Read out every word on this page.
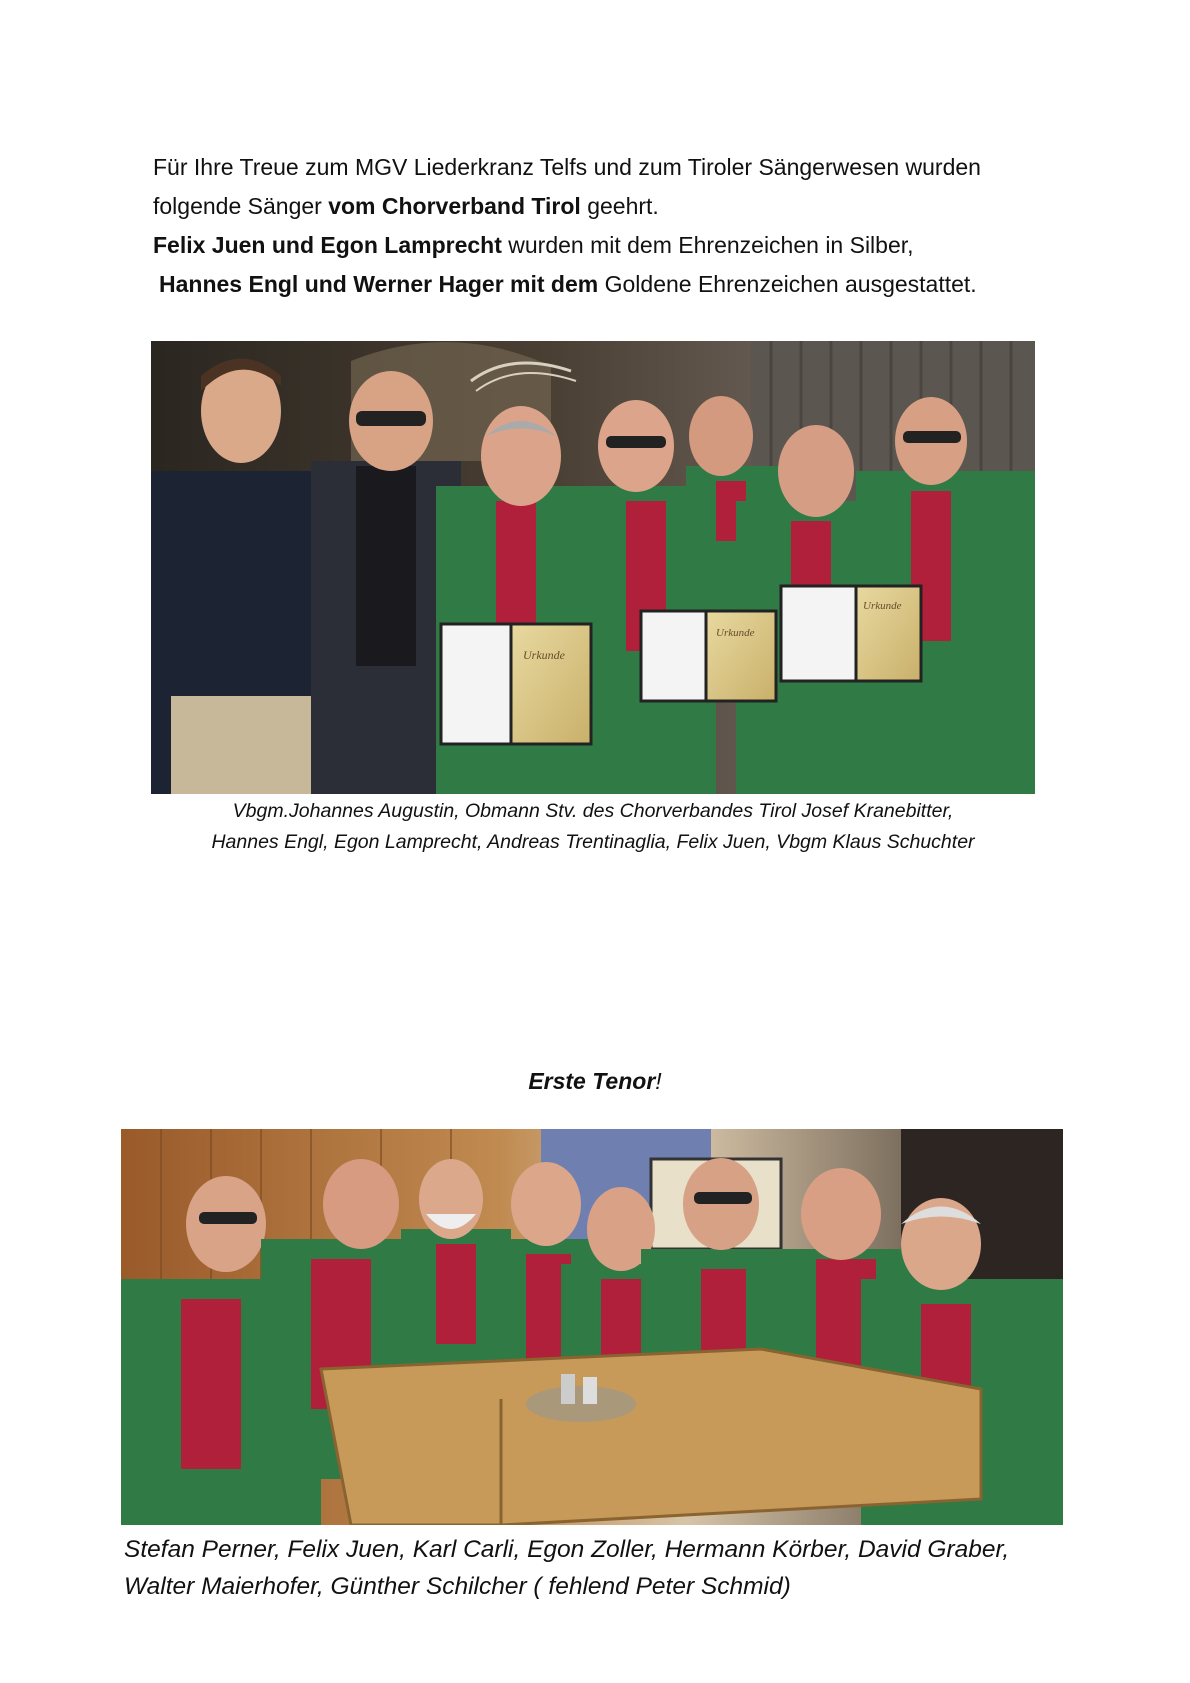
Für Ihre Treue zum MGV Liederkranz Telfs und zum Tiroler Sängerwesen wurden

folgende Sänger vom Chorverband Tirol geehrt.

Felix Juen und Egon Lamprecht wurden mit dem Ehrenzeichen in Silber,

Hannes Engl und Werner Hager mit dem Goldene Ehrenzeichen ausgestattet.

Urkunde
Urkunde
Urkunde
Vbgm.Johannes Augustin, Obmann Stv. des Chorverbandes Tirol Josef Kranebitter,
Hannes Engl, Egon Lamprecht, Andreas Trentinaglia, Felix Juen, Vbgm Klaus Schuchter
Erste Tenor!
Stefan Perner, Felix Juen, Karl Carli, Egon Zoller, Hermann Körber, David Graber,
Walter Maierhofer, Günther Schilcher ( fehlend Peter Schmid)
